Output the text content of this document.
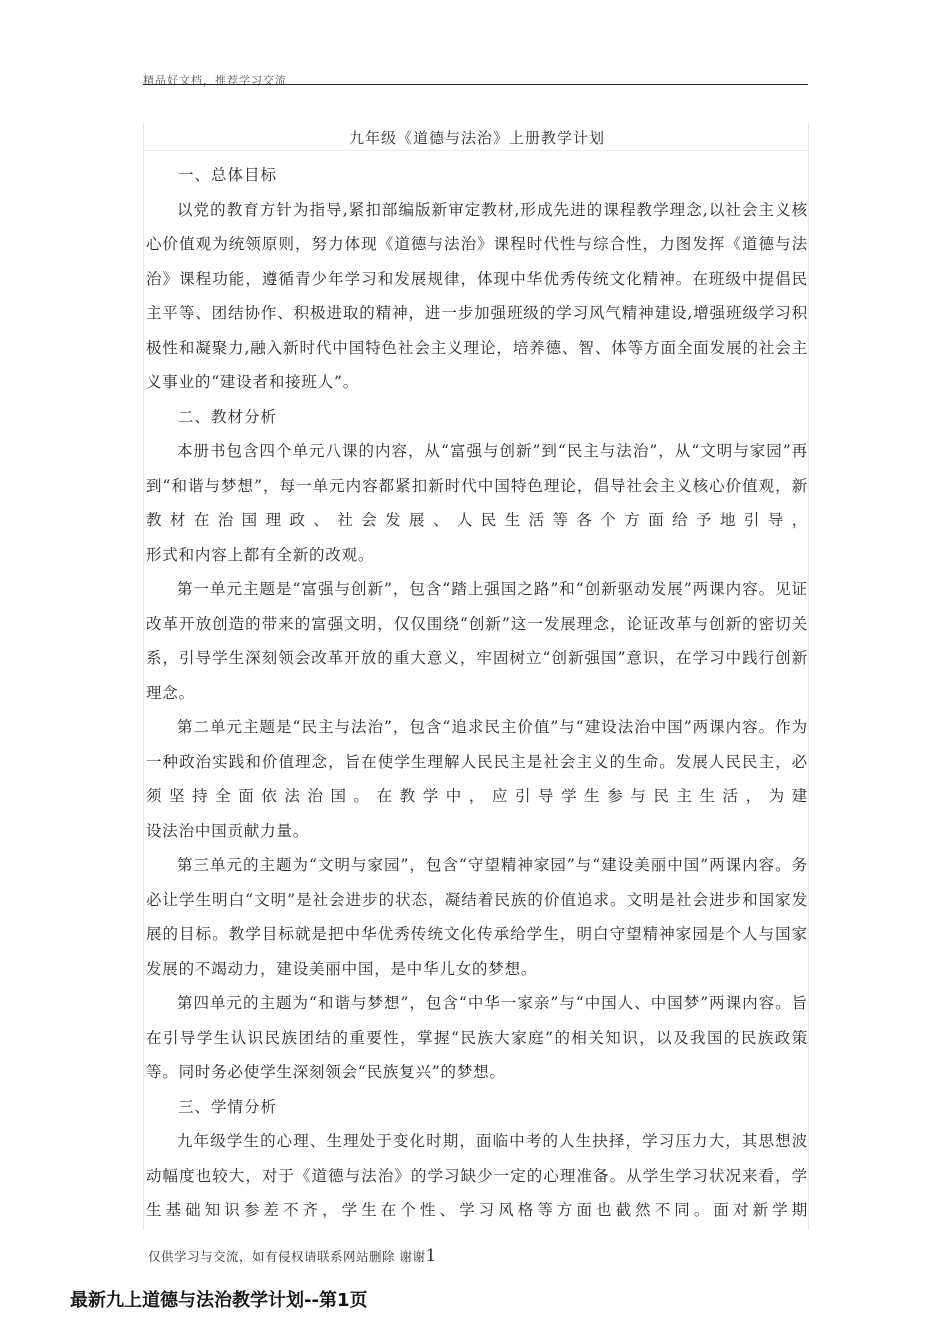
精品好文档，推荐学习交流
九年级《道德与法治》上册教学计划

一、总体目标

以党的教育方针为指导,紧扣部编版新审定教材,形成先进的课程教学理念,以社会主义核心价值观为统领原则，努力体现《道德与法治》课程时代性与综合性，力图发挥《道德与法治》课程功能，遵循青少年学习和发展规律，体现中华优秀传统文化精神。在班级中提倡民主平等、团结协作、积极进取的精神，进一步加强班级的学习风气精神建设,增强班级学习积极性和凝聚力,融入新时代中国特色社会主义理论，培养德、智、体等方面全面发展的社会主义事业的“建设者和接班人”。

二、教材分析

本册书包含四个单元八课的内容，从“富强与创新”到“民主与法治”，从“文明与家园”再到“和谐与梦想”，每一单元内容都紧扣新时代中国特色理论，倡导社会主义核心价值观，新教材在治国理政、社会发展、人民生活等各个方面给予地引导，

形式和内容上都有全新的改观。

第一单元主题是“富强与创新”，包含“踏上强国之路”和“创新驱动发展”两课内容。见证改革开放创造的带来的富强文明，仅仅围绕“创新”这一发展理念，论证改革与创新的密切关系，引导学生深刻领会改革开放的重大意义，牢固树立“创新强国”意识，在学习中践行创新理念。

第二单元主题是“民主与法治”，包含“追求民主价值”与“建设法治中国”两课内容。作为一种政治实践和价值理念，旨在使学生理解人民民主是社会主义的生命。发展人民民主，必须坚持全面依法治国。在教学中，应引导学生参与民主生活，为建

设法治中国贡献力量。

第三单元的主题为“文明与家园”，包含“守望精神家园”与“建设美丽中国”两课内容。务必让学生明白“文明”是社会进步的状态，凝结着民族的价值追求。文明是社会进步和国家发展的目标。教学目标就是把中华优秀传统文化传承给学生，明白守望精神家园是个人与国家发展的不竭动力，建设美丽中国，是中华儿女的梦想。

第四单元的主题为“和谐与梦想”，包含“中华一家亲”与“中国人、中国梦”两课内容。旨在引导学生认识民族团结的重要性，掌握“民族大家庭”的相关知识，以及我国的民族政策等。同时务必使学生深刻领会“民族复兴”的梦想。

三、学情分析

九年级学生的心理、生理处于变化时期，面临中考的人生抉择，学习压力大，其思想波动幅度也较大，对于《道德与法治》的学习缺少一定的心理准备。从学生学习状况来看，学生基础知识参差不齐，学生在个性、学习风格等方面也截然不同。面对新学期

仅供学习与交流，如有侵权请联系网站删除 谢谢1
最新九上道德与法治教学计划--第1页
